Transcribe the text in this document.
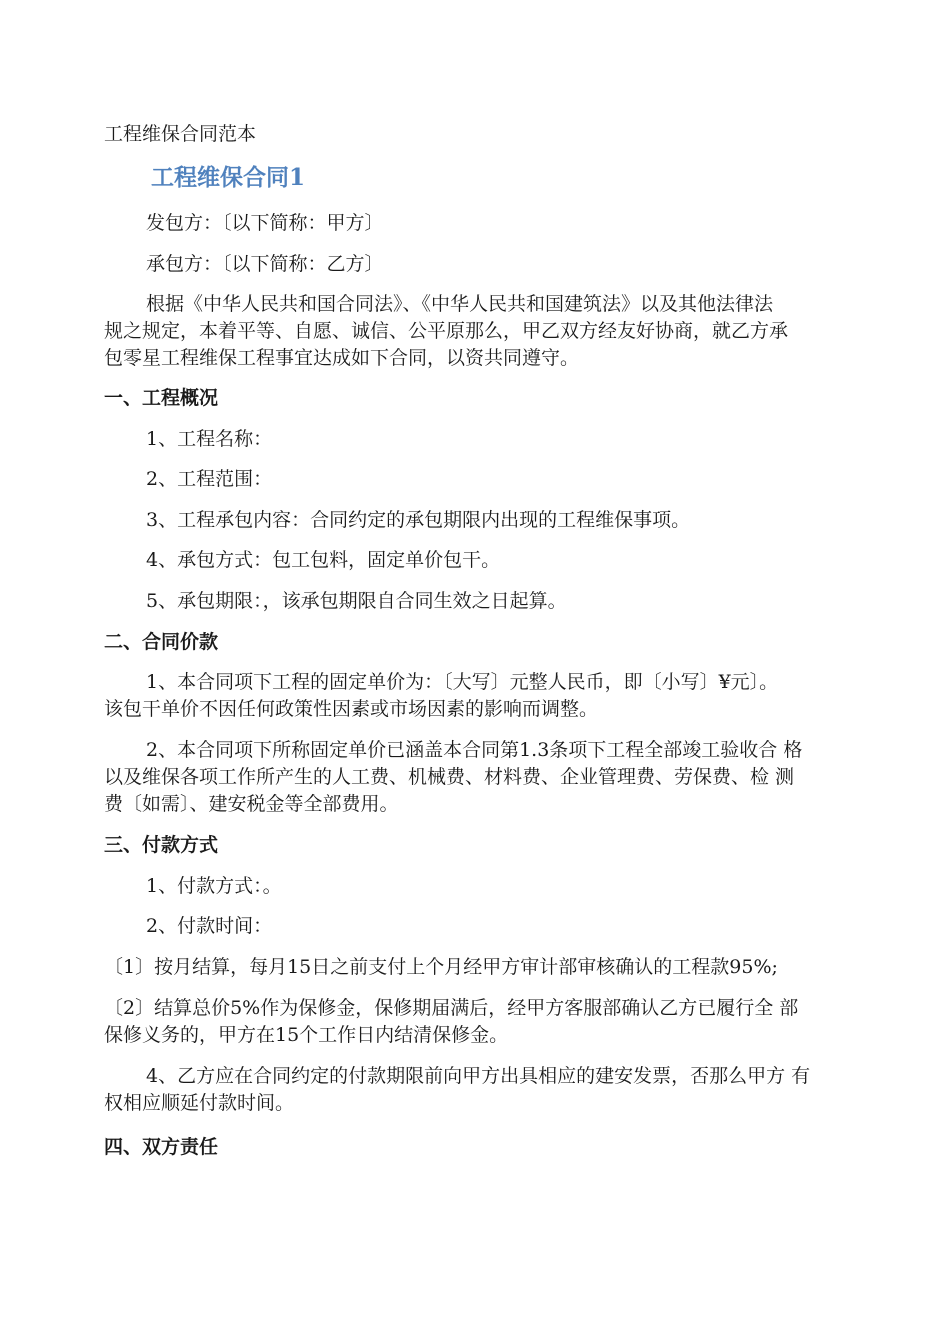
工程维保合同范本
工程维保合同1
发包方：〔以下简称：甲方〕
承包方：〔以下简称：乙方〕
根据《中华人民共和国合同法》、《中华人民共和国建筑法》以及其他法律法
规之规定，本着平等、自愿、诚信、公平原那么，甲乙双方经友好协商，就乙方承
包零星工程维保工程事宜达成如下合同，以资共同遵守。
一、工程概况
1、工程名称：
2、工程范围：
3、工程承包内容：合同约定的承包期限内出现的工程维保事项。
4、承包方式：包工包料，固定单价包干。
5、承包期限：，该承包期限自合同生效之日起算。
二、合同价款
1、本合同项下工程的固定单价为：〔大写〕元整人民币，即〔小写〕¥元〕。
该包干单价不因任何政策性因素或市场因素的影响而调整。
2、本合同项下所称固定单价已涵盖本合同第1.3条项下工程全部竣工验收合 格
以及维保各项工作所产生的人工费、机械费、材料费、企业管理费、劳保费、检 测
费〔如需〕、建安税金等全部费用。
三、付款方式
1、付款方式：。
2、付款时间：
〔1〕按月结算，每月15日之前支付上个月经甲方审计部审核确认的工程款95%;
〔2〕结算总价5%作为保修金，保修期届满后，经甲方客服部确认乙方已履行全 部
保修义务的，甲方在15个工作日内结清保修金。
4、乙方应在合同约定的付款期限前向甲方出具相应的建安发票，否那么甲方 有
权相应顺延付款时间。
四、双方责任
